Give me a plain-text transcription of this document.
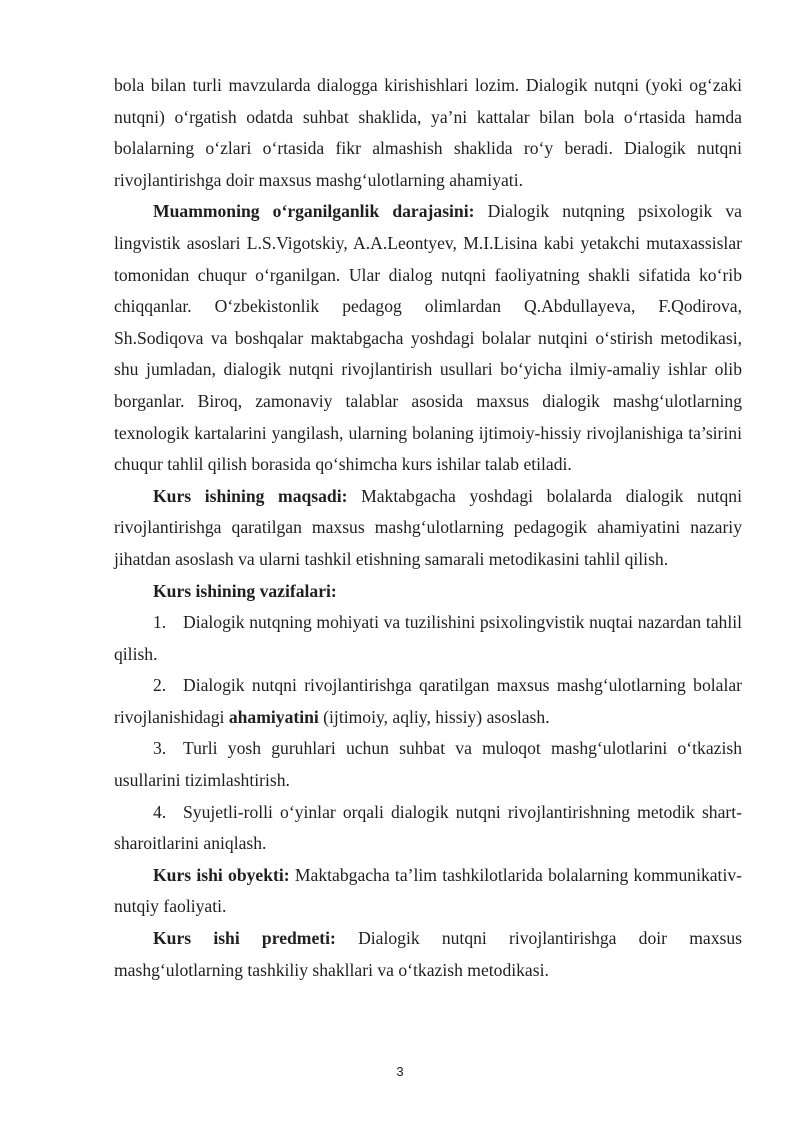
bola bilan turli mavzularda dialogga kirishishlari lozim. Dialogik nutqni (yoki og‘zaki nutqni) o‘rgatish odatda suhbat shaklida, ya’ni kattalar bilan bola o‘rtasida hamda bolalarning o‘zlari o‘rtasida fikr almashish shaklida ro‘y beradi. Dialogik nutqni rivojlantirishga doir maxsus mashg‘ulotlarning ahamiyati.

Muammoning o‘rganilganlik darajasini: Dialogik nutqning psixologik va lingvistik asoslari L.S.Vigotskiy, A.A.Leontyev, M.I.Lisina kabi yetakchi mutaxassislar tomonidan chuqur o‘rganilgan. Ular dialog nutqni faoliyatning shakli sifatida ko‘rib chiqqanlar. O‘zbekistonlik pedagog olimlardan Q.Abdullayeva, F.Qodirova, Sh.Sodiqova va boshqalar maktabgacha yoshdagi bolalar nutqini o‘stirish metodikasi, shu jumladan, dialogik nutqni rivojlantirish usullari bo‘yicha ilmiy-amaliy ishlar olib borganlar. Biroq, zamonaviy talablar asosida maxsus dialogik mashg‘ulotlarning texnologik kartalarini yangilash, ularning bolaning ijtimoiy-hissiy rivojlanishiga ta’sirini chuqur tahlil qilish borasida qo‘shimcha kurs ishilar talab etiladi.

Kurs ishining maqsadi: Maktabgacha yoshdagi bolalarda dialogik nutqni rivojlantirishga qaratilgan maxsus mashg‘ulotlarning pedagogik ahamiyatini nazariy jihatdan asoslash va ularni tashkil etishning samarali metodikasini tahlil qilish.

Kurs ishining vazifalari:

1. Dialogik nutqning mohiyati va tuzilishini psixolingvistik nuqtai nazardan tahlil qilish.

2. Dialogik nutqni rivojlantirishga qaratilgan maxsus mashg‘ulotlarning bolalar rivojlanishidagi ahamiyatini (ijtimoiy, aqliy, hissiy) asoslash.

3. Turli yosh guruhlari uchun suhbat va muloqot mashg‘ulotlarini o‘tkazish usullarini tizimlashtirish.

4. Syujetli-rolli o‘yinlar orqali dialogik nutqni rivojlantirishning metodik shart-sharoitlarini aniqlash.

Kurs ishi obyekti: Maktabgacha ta’lim tashkilotlarida bolalarning kommunikativ-nutqiy faoliyati.

Kurs ishi predmeti: Dialogik nutqni rivojlantirishga doir maxsus mashg‘ulotlarning tashkiliy shakllari va o‘tkazish metodikasi.

3
